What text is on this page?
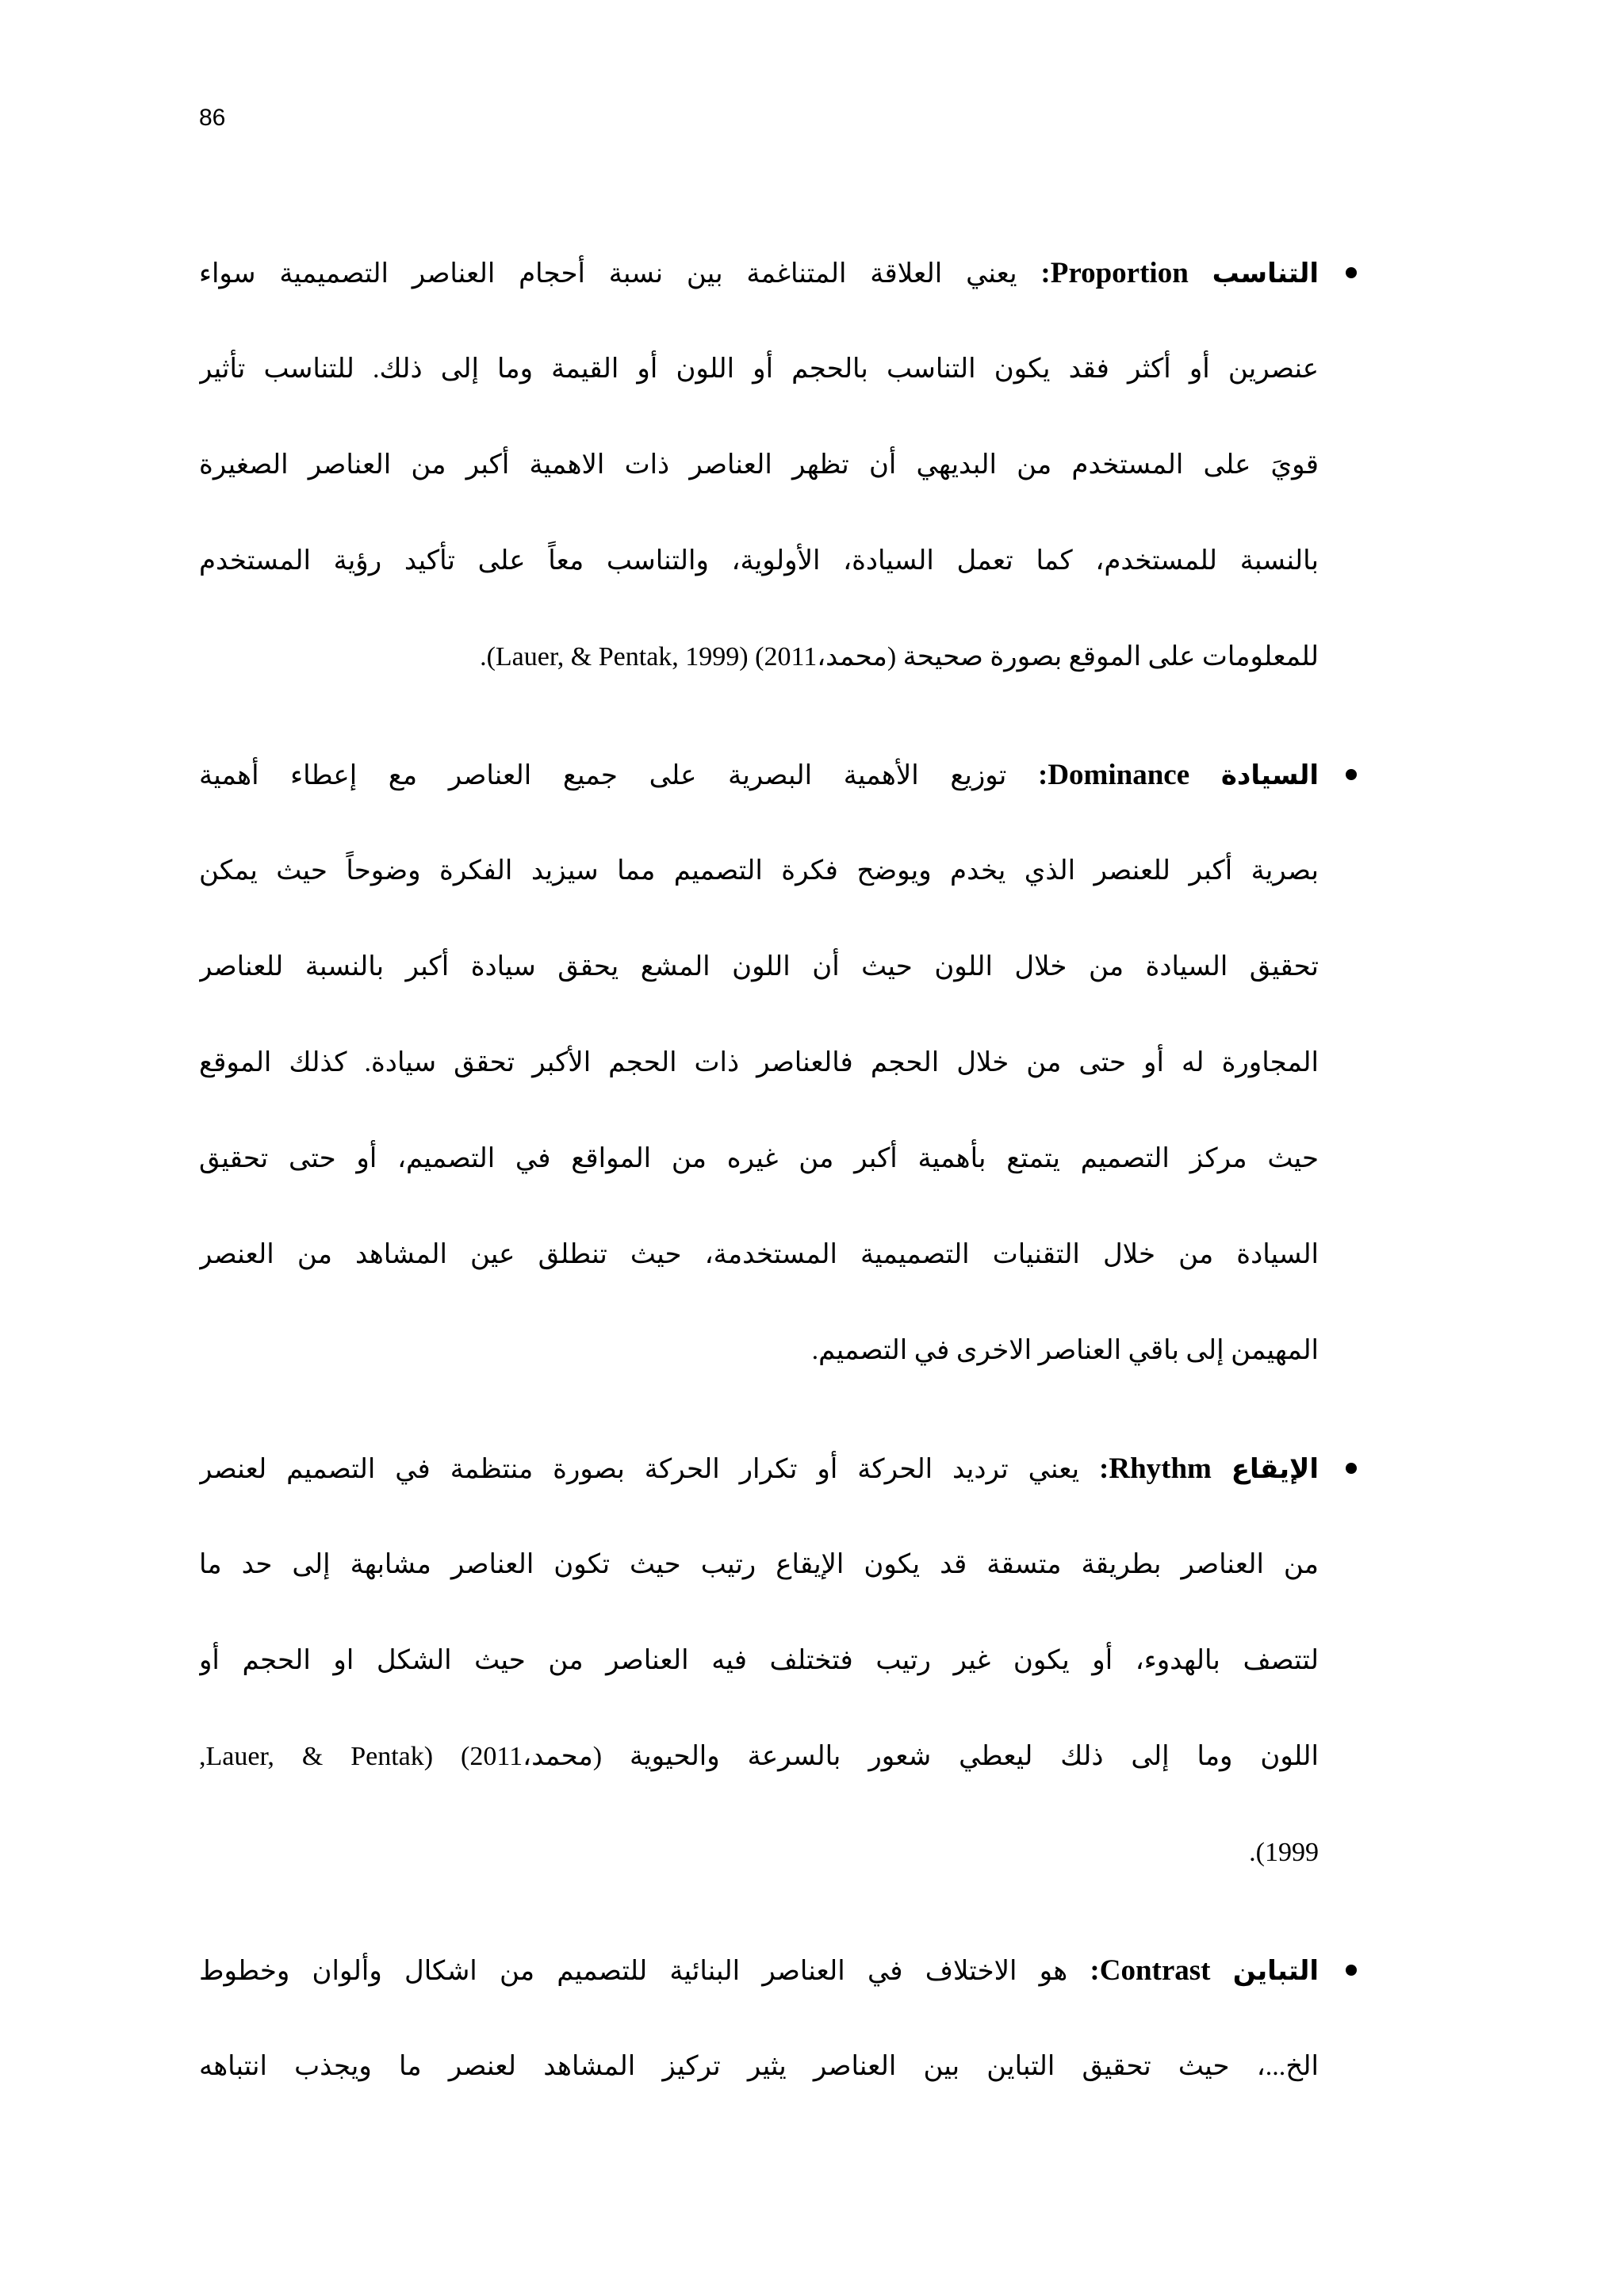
86
التناسب Proportion: يعني العلاقة المتناغمة بين نسبة أحجام العناصر التصميمية سواء
عنصرين أو أكثر فقد يكون التناسب بالحجم أو اللون أو القيمة وما إلى ذلك. للتناسب تأثير
قويَ على المستخدم من البديهي أن تظهر العناصر ذات الاهمية أكبر من العناصر الصغيرة
بالنسبة للمستخدم، كما تعمل السيادة، الأولوية، والتناسب معاً على تأكيد رؤية المستخدم
للمعلومات على الموقع بصورة صحيحة (محمد،2011) (Lauer, & Pentak, 1999).
السيادة Dominance: توزيع الأهمية البصرية على جميع العناصر مع إعطاء أهمية
بصرية أكبر للعنصر الذي يخدم ويوضح فكرة التصميم مما سيزيد الفكرة وضوحاً حيث يمكن
تحقيق السيادة من خلال اللون حيث أن اللون المشع يحقق سيادة أكبر بالنسبة للعناصر
المجاورة له أو حتى من خلال الحجم فالعناصر ذات الحجم الأكبر تحقق سيادة. كذلك الموقع
حيث مركز التصميم يتمتع بأهمية أكبر من غيره من المواقع في التصميم، أو حتى تحقيق
السيادة من خلال التقنيات التصميمية المستخدمة، حيث تنطلق عين المشاهد من العنصر
المهيمن إلى باقي العناصر الاخرى في التصميم.
الإيقاع Rhythm: يعني ترديد الحركة أو تكرار الحركة بصورة منتظمة في التصميم لعنصر
من العناصر بطريقة متسقة قد يكون الإيقاع رتيب حيث تكون العناصر مشابهة إلى حد ما
لتتصف بالهدوء، أو يكون غير رتيب فتختلف فيه العناصر من حيث الشكل او الحجم أو
اللون وما إلى ذلك ليعطي شعور بالسرعة والحيوية (محمد،2011) (Lauer, & Pentak,
1999).
التباين Contrast: هو الاختلاف في العناصر البنائية للتصميم من اشكال وألوان وخطوط
الخ...، حيث تحقيق التباين بين العناصر يثير تركيز المشاهد لعنصر ما ويجذب انتباهه
